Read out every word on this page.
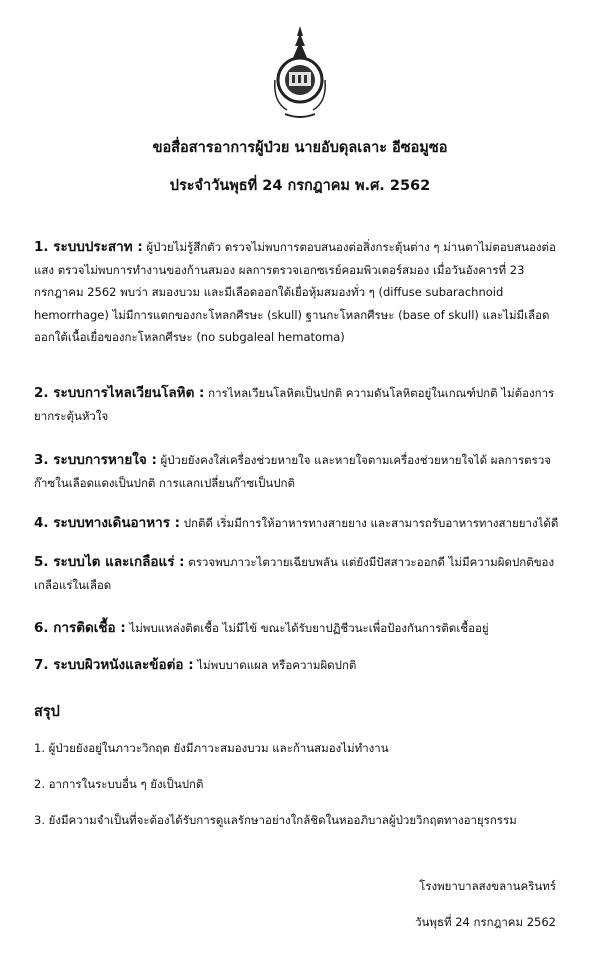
ขอสื่อสารอาการผู้ป่วย นายอับดุลเลาะ อีซอมูซอ
ประจำวันพุธที่ 24 กรกฎาคม พ.ศ. 2562
1. ระบบประสาท : ผู้ป่วยไม่รู้สึกตัว ตรวจไม่พบการตอบสนองต่อสิ่งกระตุ้นต่าง ๆ ม่านตาไม่ตอบสนองต่อแสง ตรวจไม่พบการทำงานของก้านสมอง ผลการตรวจเอกซเรย์คอมพิวเตอร์สมอง เมื่อวันอังคารที่ 23 กรกฎาคม 2562 พบว่า สมองบวม และมีเลือดออกใต้เยื่อหุ้มสมองทั่ว ๆ (diffuse subarachnoid hemorrhage) ไม่มีการแตกของกะโหลกศีรษะ (skull) ฐานกะโหลกศีรษะ (base of skull) และไม่มีเลือดออกใต้เนื้อเยื่อของกะโหลกศีรษะ (no subgaleal hematoma)
2. ระบบการไหลเวียนโลหิต : การไหลเวียนโลหิตเป็นปกติ ความดันโลหิตอยู่ในเกณฑ์ปกติ ไม่ต้องการยากระตุ้นหัวใจ
3. ระบบการหายใจ : ผู้ป่วยยังคงใส่เครื่องช่วยหายใจ และหายใจตามเครื่องช่วยหายใจได้ ผลการตรวจก๊าซในเลือดแดงเป็นปกติ การแลกเปลี่ยนก๊าซเป็นปกติ
4. ระบบทางเดินอาหาร : ปกติดี เริ่มมีการให้อาหารทางสายยาง และสามารถรับอาหารทางสายยางได้ดี
5. ระบบไต และเกลือแร่ : ตรวจพบภาวะไตวายเฉียบพลัน แต่ยังมีปัสสาวะออกดี ไม่มีความผิดปกติของเกลือแร่ในเลือด
6. การติดเชื้อ : ไม่พบแหล่งติดเชื้อ ไม่มีไข้ ขณะได้รับยาปฏิชีวนะเพื่อป้องกันการติดเชื้ออยู่
7. ระบบผิวหนังและข้อต่อ : ไม่พบบาดแผล หรือความผิดปกติ
สรุป
1. ผู้ป่วยยังอยู่ในภาวะวิกฤต ยังมีภาวะสมองบวม และก้านสมองไม่ทำงาน
2. อาการในระบบอื่น ๆ ยังเป็นปกติ
3. ยังมีความจำเป็นที่จะต้องได้รับการดูแลรักษาอย่างใกล้ชิดในหออภิบาลผู้ป่วยวิกฤตทางอายุรกรรม
โรงพยาบาลสงขลานครินทร์
วันพุธที่ 24 กรกฎาคม 2562
